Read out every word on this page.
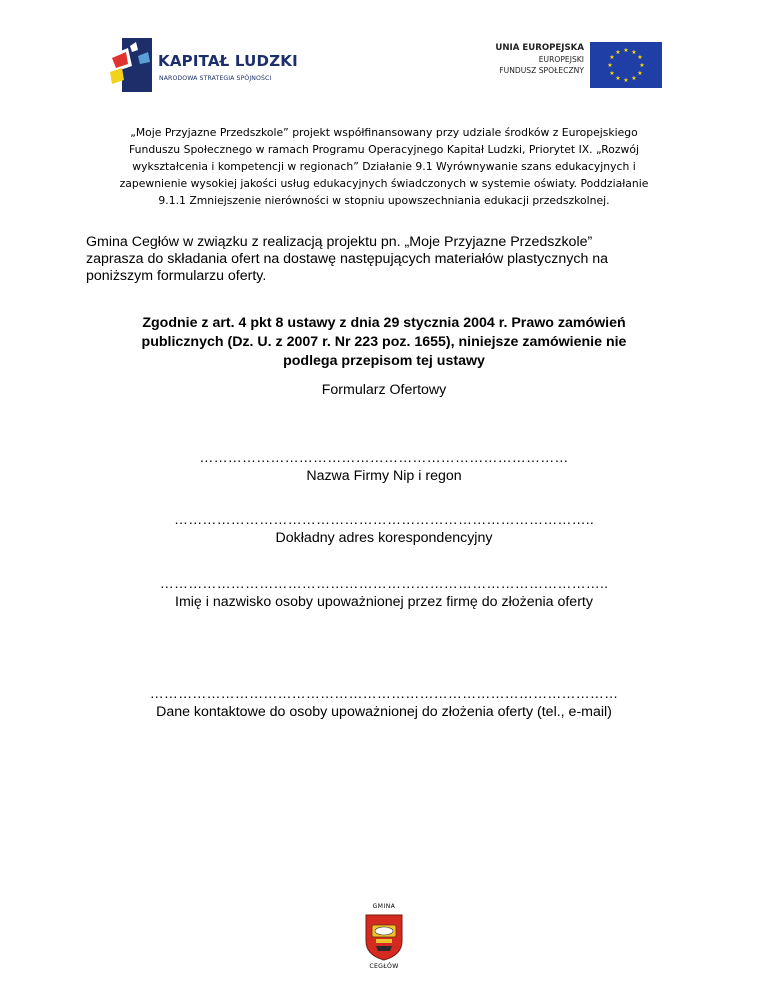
KAPITAŁ LUDZKI
NARODOWA STRATEGIA SPÓJNOŚCI
UNIA EUROPEJSKA
EUROPEJSKI
FUNDUSZ SPOŁECZNY
★ ★
★
★
★
★
★
★
★
★
★
★
„Moje Przyjazne Przedszkole” projekt współfinansowany przy udziale środków z Europejskiego
Funduszu Społecznego w ramach Programu Operacyjnego Kapitał Ludzki, Priorytet IX. „Rozwój
wykształcenia i kompetencji w regionach” Działanie 9.1 Wyrównywanie szans edukacyjnych i
zapewnienie wysokiej jakości usług edukacyjnych świadczonych w systemie oświaty. Poddziałanie
9.1.1 Zmniejszenie nierówności w stopniu upowszechniania edukacji przedszkolnej.
Gmina Cegłów w związku z realizacją projektu pn. „Moje Przyjazne Przedszkole”
zaprasza do składania ofert na dostawę następujących materiałów plastycznych na
poniższym formularzu oferty.
Zgodnie z art. 4 pkt 8 ustawy z dnia 29 stycznia 2004 r. Prawo zamówień
publicznych (Dz. U. z 2007 r. Nr 223 poz. 1655), niniejsze zamówienie nie
podlega przepisom tej ustawy
Formularz Ofertowy
……………………………………………………………………
Nazwa Firmy Nip i regon
……………………………………………………………………………..
Dokładny adres korespondencyjny
…………………………………………………………………………………..
Imię i nazwisko osoby upoważnionej przez firmę do złożenia oferty
………………………………………………………………………………………
Dane kontaktowe do osoby upoważnionej do złożenia oferty (tel., e-mail)
GMINA
CEGŁÓW
